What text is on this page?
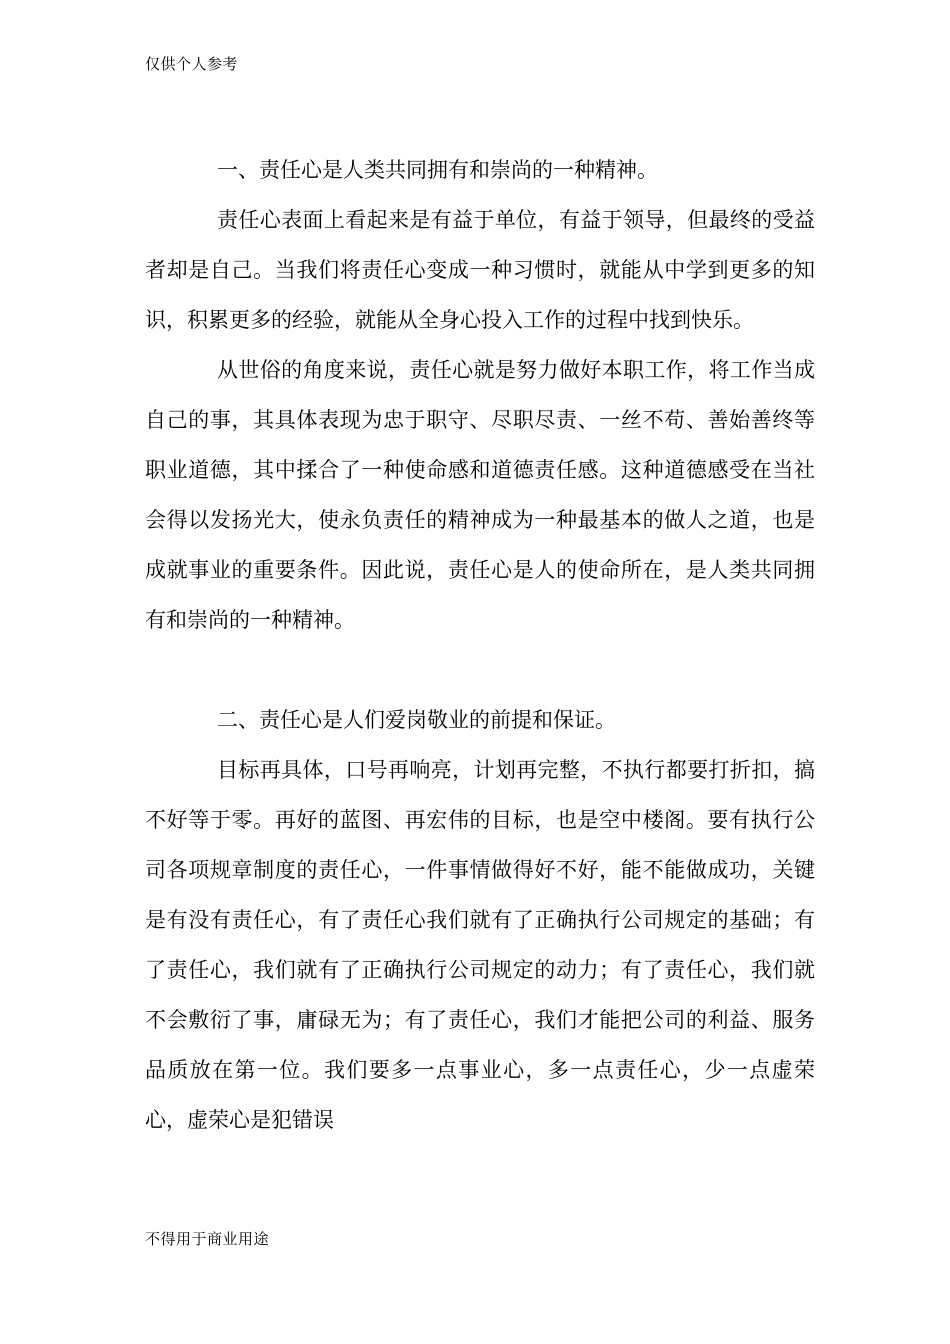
仅供个人参考

一、责任心是人类共同拥有和崇尚的一种精神。

责任心表面上看起来是有益于单位，有益于领导，但最终的受益者却是自己。当我们将责任心变成一种习惯时，就能从中学到更多的知识，积累更多的经验，就能从全身心投入工作的过程中找到快乐。

从世俗的角度来说，责任心就是努力做好本职工作，将工作当成自己的事，其具体表现为忠于职守、尽职尽责、一丝不苟、善始善终等职业道德，其中揉合了一种使命感和道德责任感。这种道德感受在当社会得以发扬光大，使永负责任的精神成为一种最基本的做人之道，也是成就事业的重要条件。因此说，责任心是人的使命所在，是人类共同拥有和崇尚的一种精神。

二、责任心是人们爱岗敬业的前提和保证。

目标再具体，口号再响亮，计划再完整，不执行都要打折扣，搞不好等于零。再好的蓝图、再宏伟的目标，也是空中楼阁。要有执行公司各项规章制度的责任心，一件事情做得好不好，能不能做成功，关键是有没有责任心，有了责任心我们就有了正确执行公司规定的基础；有了责任心，我们就有了正确执行公司规定的动力；有了责任心，我们就不会敷衍了事，庸碌无为；有了责任心，我们才能把公司的利益、服务品质放在第一位。我们要多一点事业心，多一点责任心，少一点虚荣心，虚荣心是犯错误

不得用于商业用途
